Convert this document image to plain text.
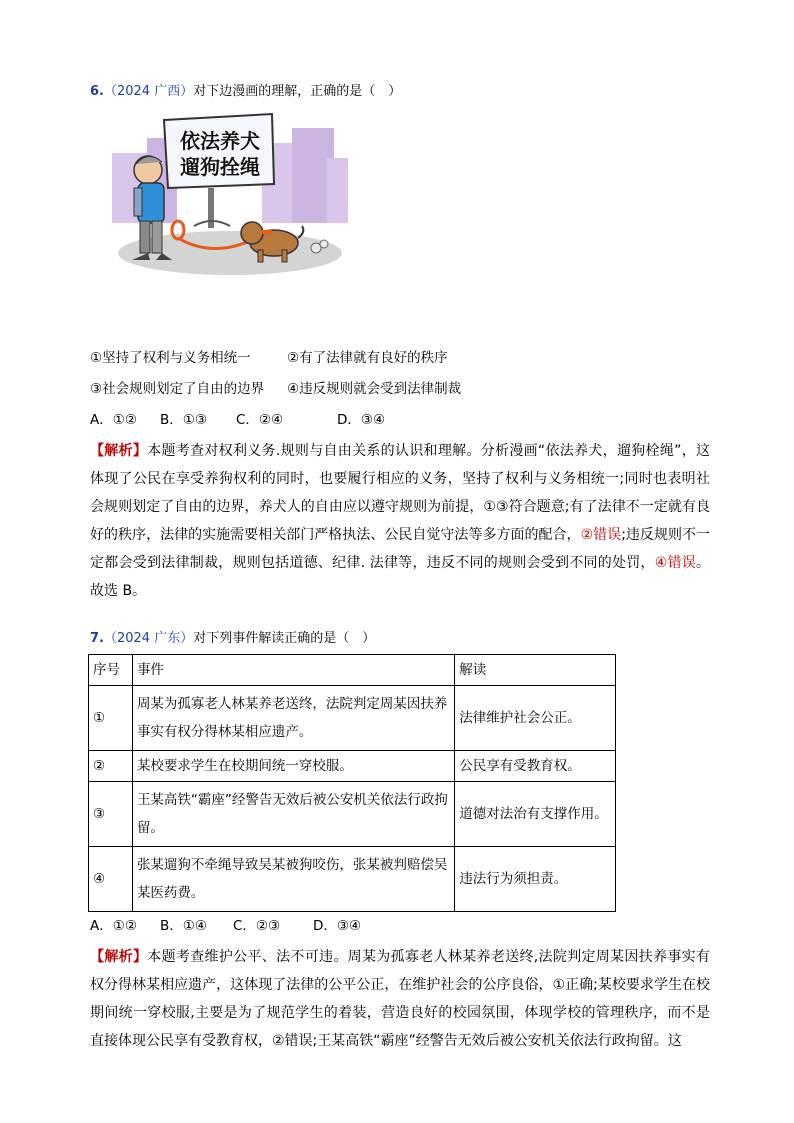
6.（2024 广西）对下边漫画的理解，正确的是（　）
依法养犬
遛狗拴绳
①坚持了权利与义务相统一	②有了法律就有良好的秩序
③社会规则划定了自由的边界 ④违反规则就会受到法律制裁
A．①② B．①③ C．②④	D．③④
【解析】本题考查对权利义务.规则与自由关系的认识和理解。分析漫画“依法养犬，遛狗栓绳”，这体现了公民在享受养狗权利的同时，也要履行相应的义务，坚持了权利与义务相统一;同时也表明社会规则划定了自由的边界，养犬人的自由应以遵守规则为前提，①③符合题意;有了法律不一定就有良好的秩序，法律的实施需要相关部门严格执法、公民自觉守法等多方面的配合，②错误;违反规则不一定都会受到法律制裁，规则包括道德、纪律. 法律等，违反不同的规则会受到不同的处罚，④错误。故选 B。
7.（2024 广东）对下列事件解读正确的是（　）
序号	事件	解读
①	周某为孤寡老人林某养老送终，法院判定周某因扶养事实有权分得林某相应遗产。	法律维护社会公正。
②	某校要求学生在校期间统一穿校服。	公民享有受教育权。
③	王某高铁“霸座”经警告无效后被公安机关依法行政拘留。	道德对法治有支撑作用。
④	张某遛狗不牵绳导致吴某被狗咬伤，张某被判赔偿吴某医药费。	违法行为须担责。
A．①② B．①④ C．②③ D．③④
【解析】本题考查维护公平、法不可违。周某为孤寡老人林某养老送终,法院判定周某因扶养事实有权分得林某相应遗产，这体现了法律的公平公正，在维护社会的公序良俗，①正确;某校要求学生在校期间统一穿校服,主要是为了规范学生的着装，营造良好的校园氛围，体现学校的管理秩序，而不是直接体现公民享有受教育权，②错误;王某高铁“霸座”经警告无效后被公安机关依法行政拘留。这
